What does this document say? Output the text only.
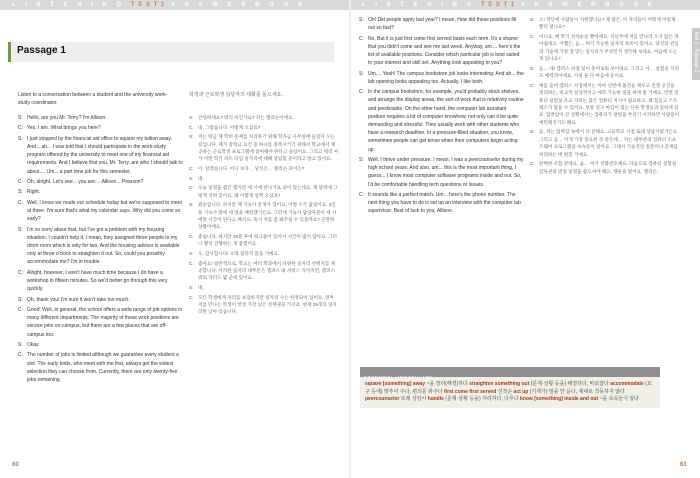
L I S T E N I N G T E S T 1 A N S W E R B O O K	L I S T E N I N G T E S T 1 A N S W E R B O O K
Test 1 · Passage 1
Passage 1
Listen to a conversation between a student and the university work-study coordinator.
학생과 근로학생 담당자의 대화를 들으세요.

S: Hello, are you Mr. Terry? I'm Allison.

C: Yes, I am. What brings you here?

S: I just stopped by the financial aid office to square my tuition away. And... ah... I was told that I should participate in the work-study program offered by the university to meet one of my financial aid requirements. And I believe that you, Mr. Terry, are who I should talk to about.... Um... a part time job for this semester.

C: Oh, alright. Let's see... you are.... Allison... Pearson?

S: Right.

C: Well, I know we made our schedule today but we're supposed to meet at three. I'm sure that's what my calendar says. Why did you come so early?

S: I'm so sorry about that, but I've got a problem with my housing situation. I couldn't help it. I mean, they assigned three people to my dorm room which is only for two. And the housing advisor is available only at three o'clock to straighten it out. So, could you possibly accommodate me? I'm in trouble.

C: Alright, however, I won't have much time because I do have a workshop in fifteen minutes. So we'd better go through this very quickly.

S: Oh, thank you! I'm sure it won't take too much.

C: Good! Well, in general, the school offers a wide range of job options in many different departments. The majority of these work positions are service jobs on-campus, but there are a few places that are off-campus too.

S: Okay.

C: The number of jobs is limited although we guarantee every student a slot. The early birds, who meet with me first, always get the widest selection they can choose from. Currently, there are only twenty-five jobs remaining.

S:	안녕하세요? 테리 씨인가요? 저는 앨리슨이에요.

C: 네, 그렇습니다. 어떻게 오셨죠?

S:	저는 방금 제 학비 문제를 처리하기 위해 학자금 사무실에 들렀다 오는 길입니다. 제가 장학금 요건 중 하나를 충족시키기 위해서 학교에서 제공하는 근로학생 프로그램에 참여해야 한다고 들었어요. 그리고 테리 씨가 이번 학기 파트 타임 일자리에 대해 상담할 분이라고 알고 있어요.

C: 아, 알겠습니다. 어디 보자… 당신은… 앨리슨 피어슨?

S:	네.

C: 오늘 일정을 잡긴 했지만 세 시에 만나기로 되어 있는데요. 제 달력에 그렇게 적혀 있어요. 왜 이렇게 일찍 오셨죠?

S:	죄송합니다. 하지만 제 기숙사 문제가 있어요. 어쩔 수가 없었어요. 2인용 기숙사 방에 세 명을 배정했거든요. 그런데 기숙사 담당자분이 세 시에만 시간이 된다고 해서요. 혹시 저를 좀 봐주실 수 있을까요? 곤란한 상황이에요.

C: 좋습니다. 하지만 15분 후에 워크숍이 있어서 시간이 많지 않아요. 그러니 빨리 진행하는 게 좋겠어요.

S:	오, 감사합니다! 오래 걸리지 않을 거예요.

C: 좋아요! 일반적으로, 학교는 여러 학과에서 다양한 일자리 선택지를 제공합니다. 이러한 일자리 대부분은 캠퍼스 내 서비스 직이지만, 캠퍼스 밖의 자리도 몇 군데 있어요.

S:	네.

C: 모든 학생에게 자리를 보장하지만 일자리 수는 한정되어 있어요. 먼저 저를 만나는 학생이 항상 가장 넓은 선택권을 가지죠. 현재 25개의 일자리만 남아 있습니다.

S: Oh! Did people apply last year? I mean, How did these positions fill out so fast?

C: No, But it is just first come first served basis each term. It's a shame that you didn't come and see me last week. Anyway, um.... here's the list of available positions. Consider which particular job is best suited to your interest and skill set. Anything look appealing to you?

S: Um.... Yeah! The campus bookstore job looks interesting. And ah... the lab opening looks appealing too. Actually, I like both.

C: In the campus bookstore, for example, you'd probably stock shelves, and arrange the display areas, the sort of work that is relatively routine and predictable. On the other hand, the computer lab assistant position requires a lot of computer knowhow, not only can it be quite demanding and stressful. They usually work with other students who have a research deadline. In a pressure-filled situation, you know, sometimes people can get tense when their computers begin acting up.

S: Well, I thrive under pressure. I mean, I was a peercounselor during my high school years. And also, um... this is the most important thing, I guess... I know most computer software programs inside and out. So, I'd be comfortable handling tech questions or issues.

C: It sounds like a perfect match. Um... here's the phone number. The next thing you have to do is set up an interview with the computer lab supervisor. Best of luck to you, Allison.

S:	오! 작년에 사람들이 지원했나요? 제 말은, 이 자리들이 어떻게 이렇게 빨리 찼나요?

C: 아니요, 매 학기 선착순일 뿐이에요. 지난주에 저를 만나러 오지 않은 게 아쉽네요. 어쨌든, 음… 여기 가능한 일자리 목록이 있어요. 당신의 관심과 기술에 가장 잘 맞는 일자리가 무엇인지 생각해 보세요. 마음에 드는 게 있나요?

S:	음… 네! 캠퍼스 서점 일이 흥미로워 보이네요. 그리고 아… 실험실 자리도 매력적이에요. 사실 둘 다 마음에 들어요.

C: 예를 들어 캠퍼스 서점에서는 아마 선반에 물건을 채우고 진열 공간을 정리하는, 비교적 일상적이고 예측 가능한 일을 하게 될 거예요. 반면 컴퓨터 실험실 조교 자리는 많은 컴퓨터 지식이 필요하고, 꽤 힘들고 스트레스가 많을 수 있어요. 보통 연구 마감이 있는 다른 학생들과 일하게 되죠. 압박감이 큰 상황에서는 컴퓨터가 말썽을 부리기 시작하면 사람들이 예민해지기도 해요.

S:	음, 저는 압박감 속에서 더 잘해요. 고등학교 시절 또래 상담사였거든요. 그리고 음… 이게 가장 중요한 것 같은데… 저는 대부분의 컴퓨터 소프트웨어 프로그램을 속속들이 알아요. 그래서 기술적인 질문이나 문제를 처리하는 데 편할 거예요.

C: 완벽한 조합 같네요. 음… 여기 전화번호예요. 다음으로 컴퓨터 실험실 감독관과 면접 일정을 잡으셔야 해요. 행운을 빌어요, 앨리슨.

ESSENTIAL VOCABULARY
square [something] away ~을 정리(해결)하다 straighten something out (문제·상황 등을) 해결하다, 바로잡다 accommodate (요구 등에) 맞추어 주다, 편의를 봐주다 first come first served 선착순 act up (기계가) 말을 안 듣다, 제대로 작동하지 않다 peercounselor 또래 상담사 handle (문제·상황 등을) 처리하다, 다루다 know [something] inside and out ~을 속속들이 알다
60	61
